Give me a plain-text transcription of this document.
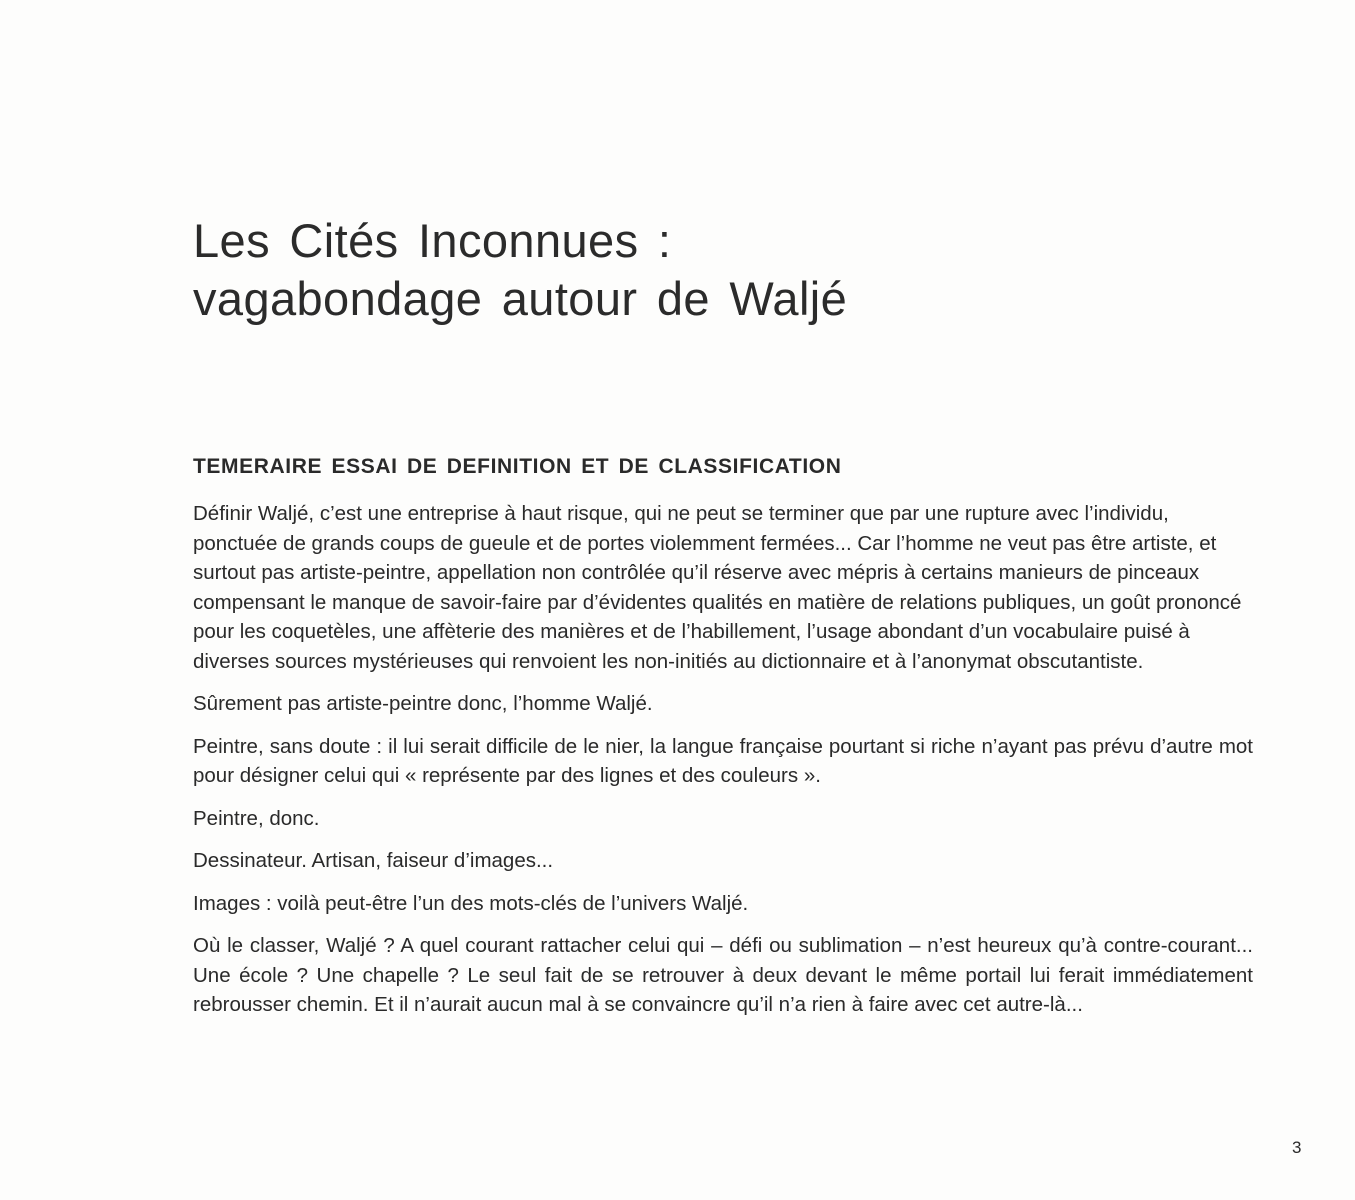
Les Cités Inconnues :
vagabondage autour de Waljé
TEMERAIRE ESSAI DE DEFINITION ET DE CLASSIFICATION

Définir Waljé, c’est une entreprise à haut risque, qui ne peut se terminer que par une rupture avec l’individu, ponctuée de grands coups de gueule et de portes violemment fermées... Car l’homme ne veut pas être artiste, et surtout pas artiste-peintre, appellation non contrôlée qu’il réserve avec mépris à certains manieurs de pinceaux compensant le manque de savoir-faire par d’évidentes qualités en matière de relations publiques, un goût prononcé pour les coquetèles, une affèterie des manières et de l’habillement, l’usage abondant d’un vocabulaire puisé à diverses sources mystérieuses qui renvoient les non-initiés au dictionnaire et à l’anonymat obscutantiste.

Sûrement pas artiste-peintre donc, l’homme Waljé.

Peintre, sans doute : il lui serait difficile de le nier, la langue française pourtant si riche n’ayant pas prévu d’autre mot pour désigner celui qui « représente par des lignes et des couleurs ».

Peintre, donc.

Dessinateur. Artisan, faiseur d’images...

Images : voilà peut-être l’un des mots-clés de l’univers Waljé.

Où le classer, Waljé ? A quel courant rattacher celui qui – défi ou sublimation – n’est heureux qu’à contre-courant... Une école ? Une chapelle ? Le seul fait de se retrouver à deux devant le même portail lui ferait immédiatement rebrousser chemin. Et il n’aurait aucun mal à se convaincre qu’il n’a rien à faire avec cet autre-là...

3
